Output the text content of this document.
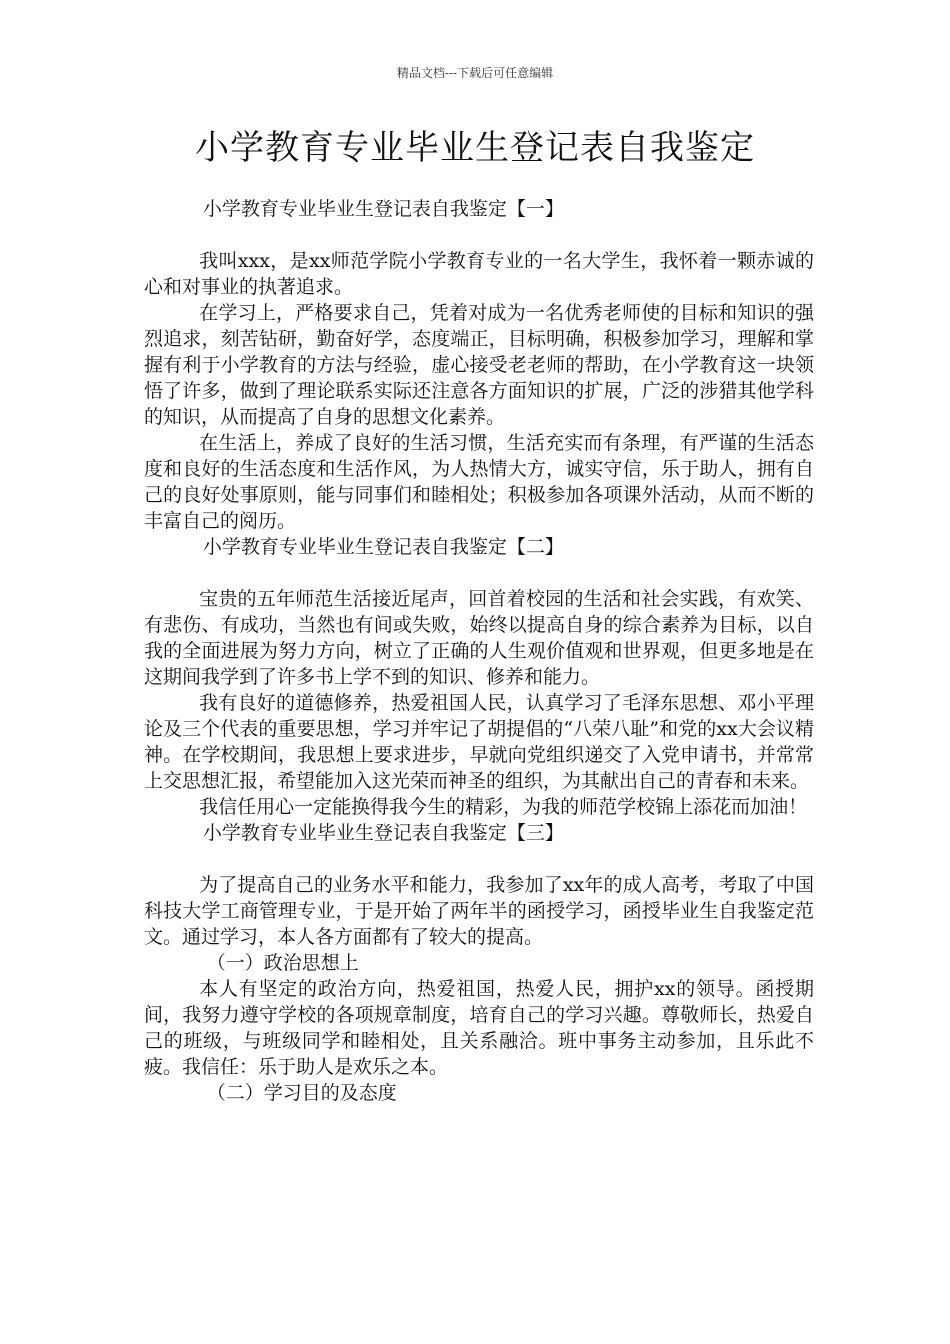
精品文档---下载后可任意编辑
小学教育专业毕业生登记表自我鉴定

小学教育专业毕业生登记表自我鉴定【一】

我叫xxx，是xx师范学院小学教育专业的一名大学生，我怀着一颗赤诚的心和对事业的执著追求。

在学习上，严格要求自己，凭着对成为一名优秀老师使的目标和知识的强烈追求，刻苦钻研，勤奋好学，态度端正，目标明确，积极参加学习，理解和掌握有利于小学教育的方法与经验，虚心接受老老师的帮助，在小学教育这一块领悟了许多，做到了理论联系实际还注意各方面知识的扩展，广泛的涉猎其他学科的知识，从而提高了自身的思想文化素养。

在生活上，养成了良好的生活习惯，生活充实而有条理，有严谨的生活态度和良好的生活态度和生活作风，为人热情大方，诚实守信，乐于助人，拥有自己的良好处事原则，能与同事们和睦相处；积极参加各项课外活动，从而不断的丰富自己的阅历。

小学教育专业毕业生登记表自我鉴定【二】

宝贵的五年师范生活接近尾声，回首着校园的生活和社会实践，有欢笑、有悲伤、有成功，当然也有间或失败，始终以提高自身的综合素养为目标，以自我的全面进展为努力方向，树立了正确的人生观价值观和世界观，但更多地是在这期间我学到了许多书上学不到的知识、修养和能力。

我有良好的道德修养，热爱祖国人民，认真学习了毛泽东思想、邓小平理论及三个代表的重要思想，学习并牢记了胡提倡的“八荣八耻”和党的xx大会议精神。在学校期间，我思想上要求进步，早就向党组织递交了入党申请书，并常常上交思想汇报，希望能加入这光荣而神圣的组织，为其献出自己的青春和未来。

我信任用心一定能换得我今生的精彩，为我的师范学校锦上添花而加油！

小学教育专业毕业生登记表自我鉴定【三】

为了提高自己的业务水平和能力，我参加了xx年的成人高考，考取了中国科技大学工商管理专业，于是开始了两年半的函授学习，函授毕业生自我鉴定范文。通过学习，本人各方面都有了较大的提高。

（一）政治思想上

本人有坚定的政治方向，热爱祖国，热爱人民，拥护xx的领导。函授期间，我努力遵守学校的各项规章制度，培育自己的学习兴趣。尊敬师长，热爱自己的班级，与班级同学和睦相处，且关系融洽。班中事务主动参加，且乐此不疲。我信任：乐于助人是欢乐之本。

（二）学习目的及态度
